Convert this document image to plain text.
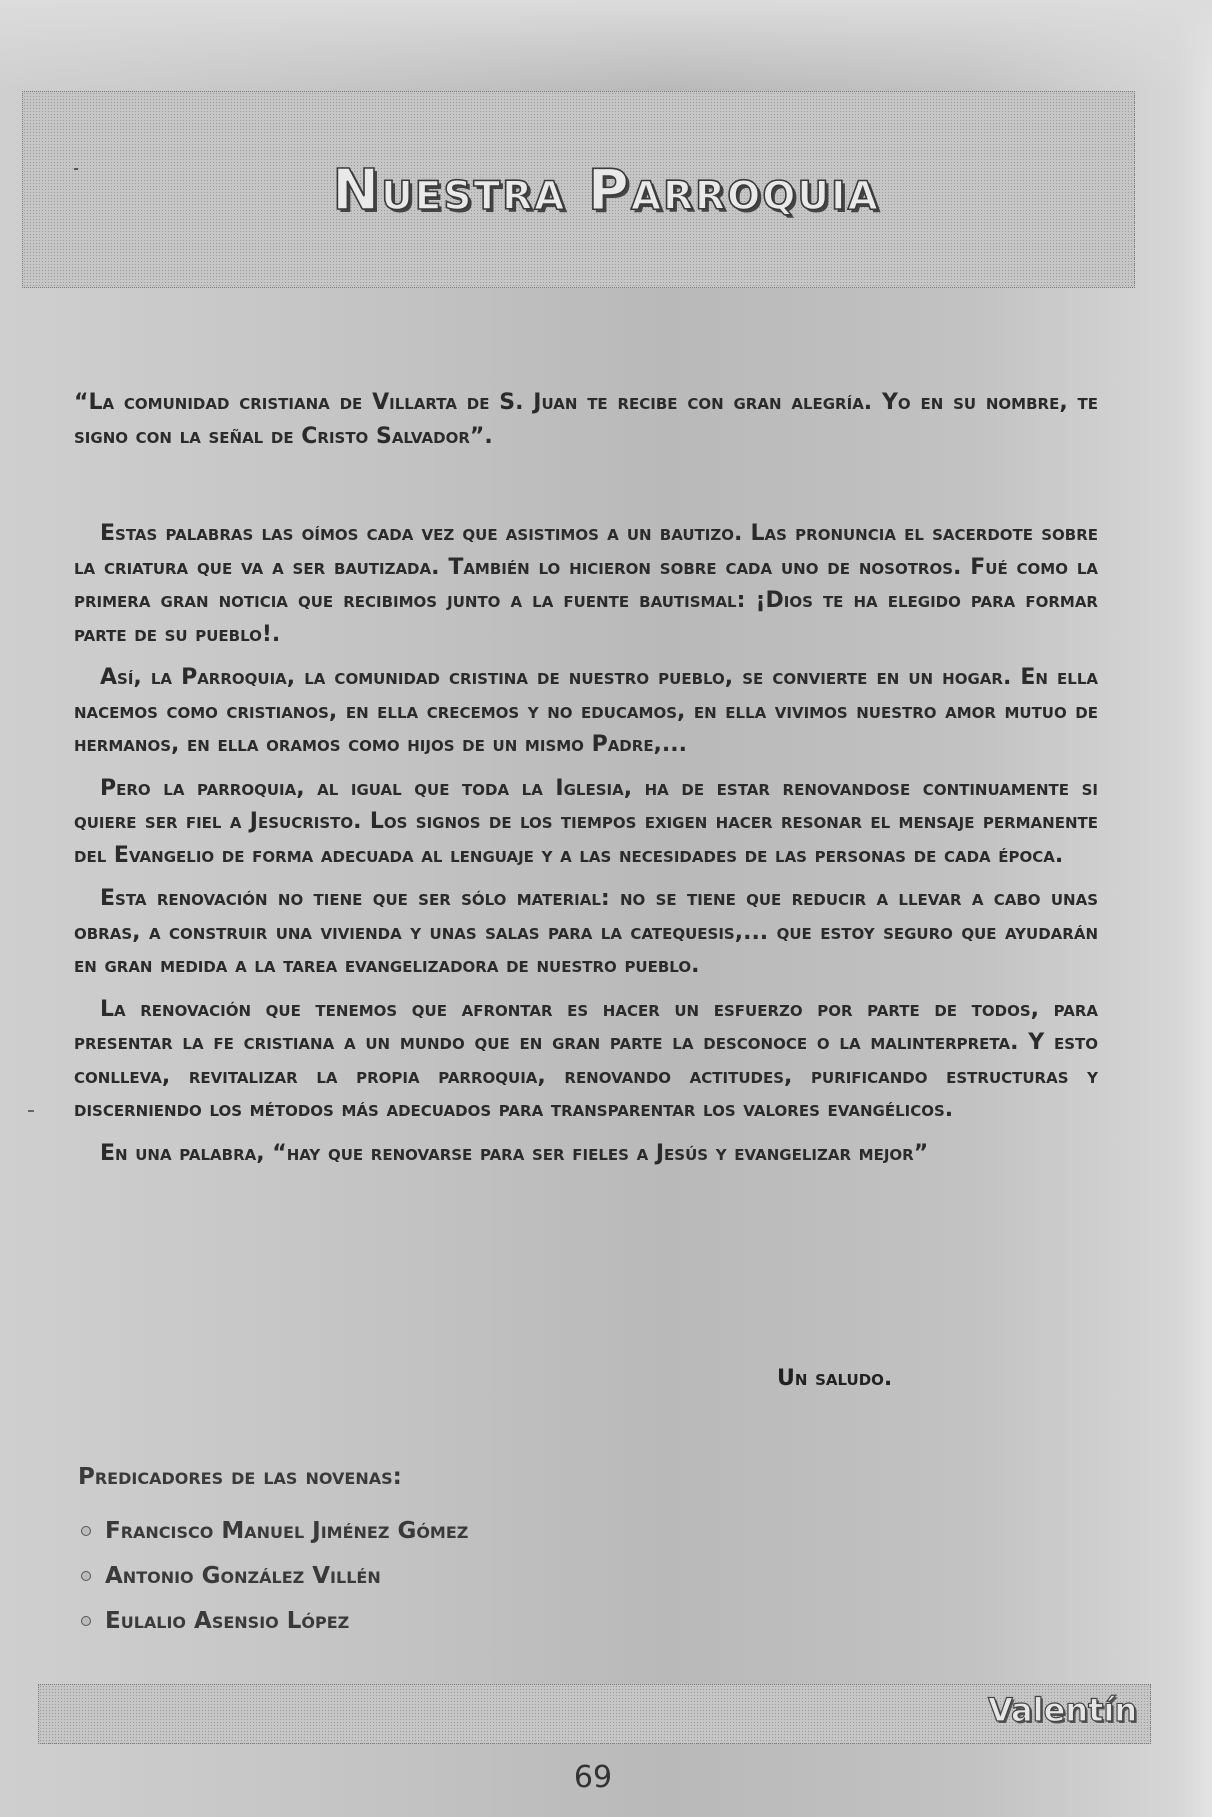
Nuestra Parroquia

“La comunidad cristiana de Villarta de S. Juan te recibe con gran alegría. Yo en su nombre, te signo con la señal de Cristo Salvador”.

Estas palabras las oímos cada vez que asistimos a un bautizo. Las pronuncia el sacerdote sobre la criatura que va a ser bautizada. También lo hicieron sobre cada uno de nosotros. Fué como la primera gran noticia que recibimos junto a la fuente bautismal: ¡Dios te ha elegido para formar parte de su pueblo!.

Así, la Parroquia, la comunidad cristina de nuestro pueblo, se convierte en un hogar. En ella nacemos como cristianos, en ella crecemos y no educamos, en ella vivimos nuestro amor mutuo de hermanos, en ella oramos como hijos de un mismo Padre,...

Pero la parroquia, al igual que toda la Iglesia, ha de estar renovandose continuamente si quiere ser fiel a Jesucristo. Los signos de los tiempos exigen hacer resonar el mensaje permanente del Evangelio de forma adecuada al lenguaje y a las necesidades de las personas de cada época.

Esta renovación no tiene que ser sólo material: no se tiene que reducir a llevar a cabo unas obras, a construir una vivienda y unas salas para la catequesis,... que estoy seguro que ayudarán en gran medida a la tarea evangelizadora de nuestro pueblo.

La renovación que tenemos que afrontar es hacer un esfuerzo por parte de todos, para presentar la fe cristiana a un mundo que en gran parte la desconoce o la malinterpreta. Y esto conlleva, revitalizar la propia parroquia, renovando actitudes, purificando estructuras y discerniendo los métodos más adecuados para transparentar los valores evangélicos.

En una palabra, “hay que renovarse para ser fieles a Jesús y evangelizar mejor”

Un saludo.
Predicadores de las novenas:
Francisco Manuel Jiménez Gómez
Antonio González Villén
Eulalio Asensio López
Valentín
69
